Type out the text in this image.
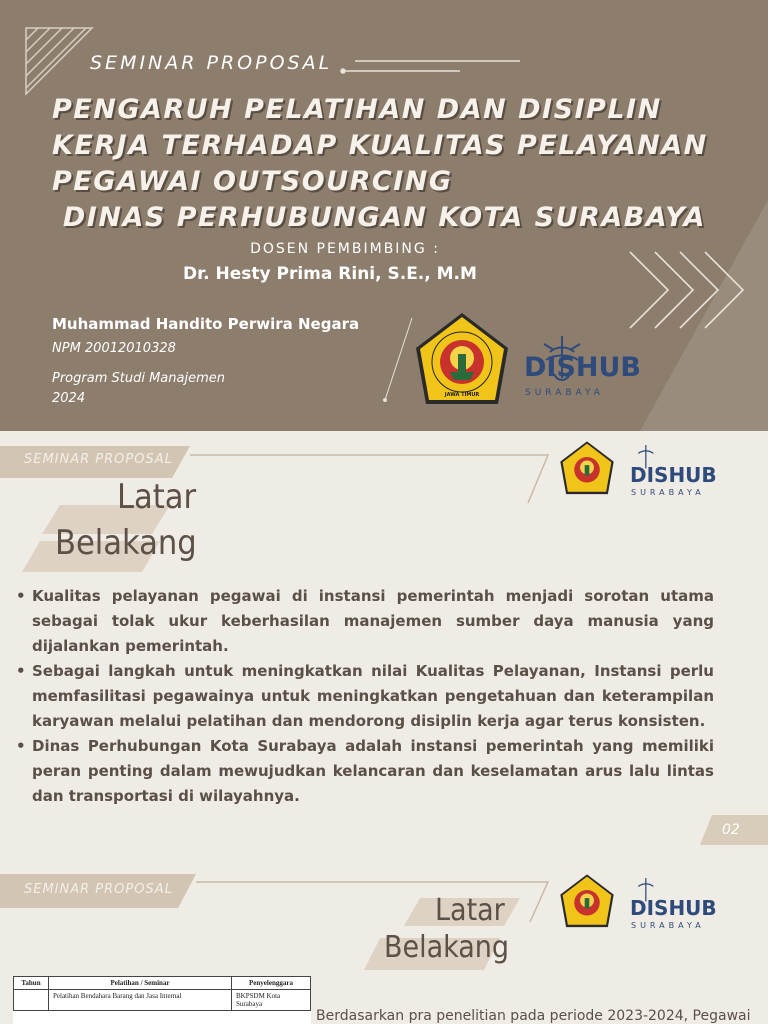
SEMINAR PROPOSAL
PENGARUH PELATIHAN DAN DISIPLIN
KERJA TERHADAP KUALITAS PELAYANAN
PEGAWAI OUTSOURCING
DINAS PERHUBUNGAN KOTA SURABAYA
DOSEN PEMBIMBING :
Dr. Hesty Prima Rini, S.E., M.M
Muhammad Handito Perwira Negara
NPM 20012010328
Program Studi Manajemen
2024	JAWA TIMUR
DISHUB
SURABAYA
SEMINAR PROPOSAL
Latar
Belakang
DISHUB
SURABAYA
02
• Kualitas pelayanan pegawai di instansi pemerintah menjadi sorotan utama sebagai tolak ukur keberhasilan manajemen sumber daya manusia yang dijalankan pemerintah.
• Sebagai langkah untuk meningkatkan nilai Kualitas Pelayanan, Instansi perlu memfasilitasi pegawainya untuk meningkatkan pengetahuan dan keterampilan karyawan melalui pelatihan dan mendorong disiplin kerja agar terus konsisten.
• Dinas Perhubungan Kota Surabaya adalah instansi pemerintah yang memiliki peran penting dalam mewujudkan kelancaran dan keselamatan arus lalu lintas dan transportasi di wilayahnya.
SEMINAR PROPOSAL
Latar
Belakang
DISHUB
SURABAYA
Tahun	Pelatihan / Seminar	Penyelenggara
	Pelatihan Bendahara Barang dan Jasa Internal	BKPSDM Kota Surabaya
Berdasarkan pra penelitian pada periode 2023-2024, Pegawai
